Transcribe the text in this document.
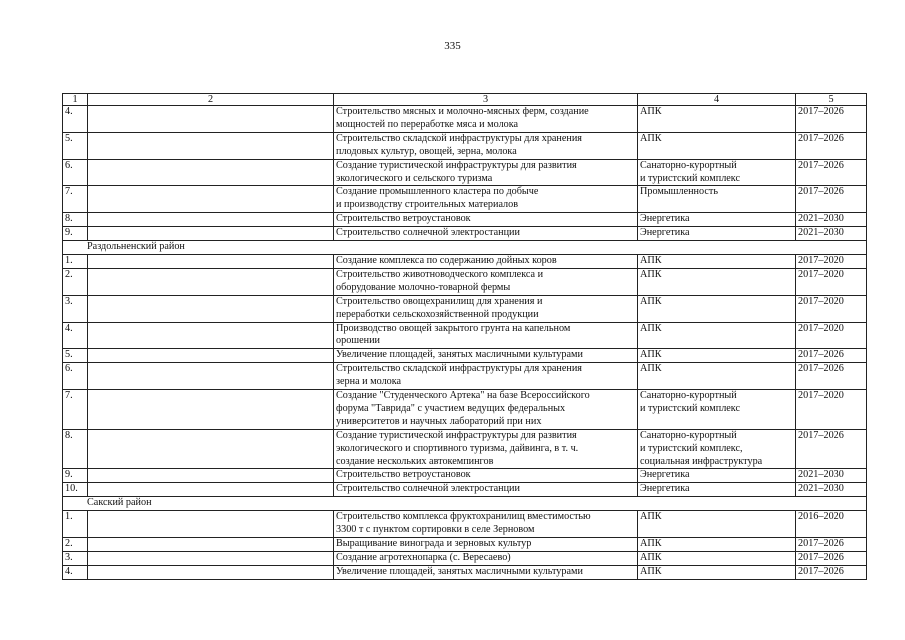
335
1	2	3	4	5
4.		Строительство мясных и молочно-мясных ферм, создание
мощностей по переработке мяса и молока	АПК	2017–2026
5.		Строительство складской инфраструктуры для хранения
плодовых культур, овощей, зерна, молока	АПК	2017–2026
6.		Создание туристической инфраструктуры для развития
экологического и сельского туризма	Санаторно-курортный
и туристский комплекс	2017–2026
7.		Создание промышленного кластера по добыче
и производству строительных материалов	Промышленность	2017–2026
8.		Строительство ветроустановок	Энергетика	2021–2030
9.		Строительство солнечной электростанции	Энергетика	2021–2030
Раздольненский район				
1.		Создание комплекса по содержанию дойных коров	АПК	2017–2020
2.		Строительство животноводческого комплекса и
оборудование молочно-товарной фермы	АПК	2017–2020
3.		Строительство овощехранилищ для хранения и
переработки сельскохозяйственной продукции	АПК	2017–2020
4.		Производство овощей закрытого грунта на капельном
орошении	АПК	2017–2020
5.		Увеличение площадей, занятых масличными культурами	АПК	2017–2026
6.		Строительство складской инфраструктуры для хранения
зерна и молока	АПК	2017–2026
7.		Создание "Студенческого Артека" на базе Всероссийского
форума "Таврида" с участием ведущих федеральных
университетов и научных лабораторий при них	Санаторно-курортный
и туристский комплекс	2017–2020
8.		Создание туристической инфраструктуры для развития
экологического и спортивного туризма, дайвинга, в т. ч.
создание нескольких автокемпингов	Санаторно-курортный
и туристский комплекс,
социальная инфраструктура	2017–2026
9.		Строительство ветроустановок	Энергетика	2021–2030
10.		Строительство солнечной электростанции	Энергетика	2021–2030
Сакский район				
1.		Строительство комплекса фруктохранилищ вместимостью
3300 т с пунктом сортировки в селе Зерновом	АПК	2016–2020
2.		Выращивание винограда и зерновых культур	АПК	2017–2026
3.		Создание агротехнопарка (с. Вересаево)	АПК	2017–2026
4.		Увеличение площадей, занятых масличными культурами	АПК	2017–2026
